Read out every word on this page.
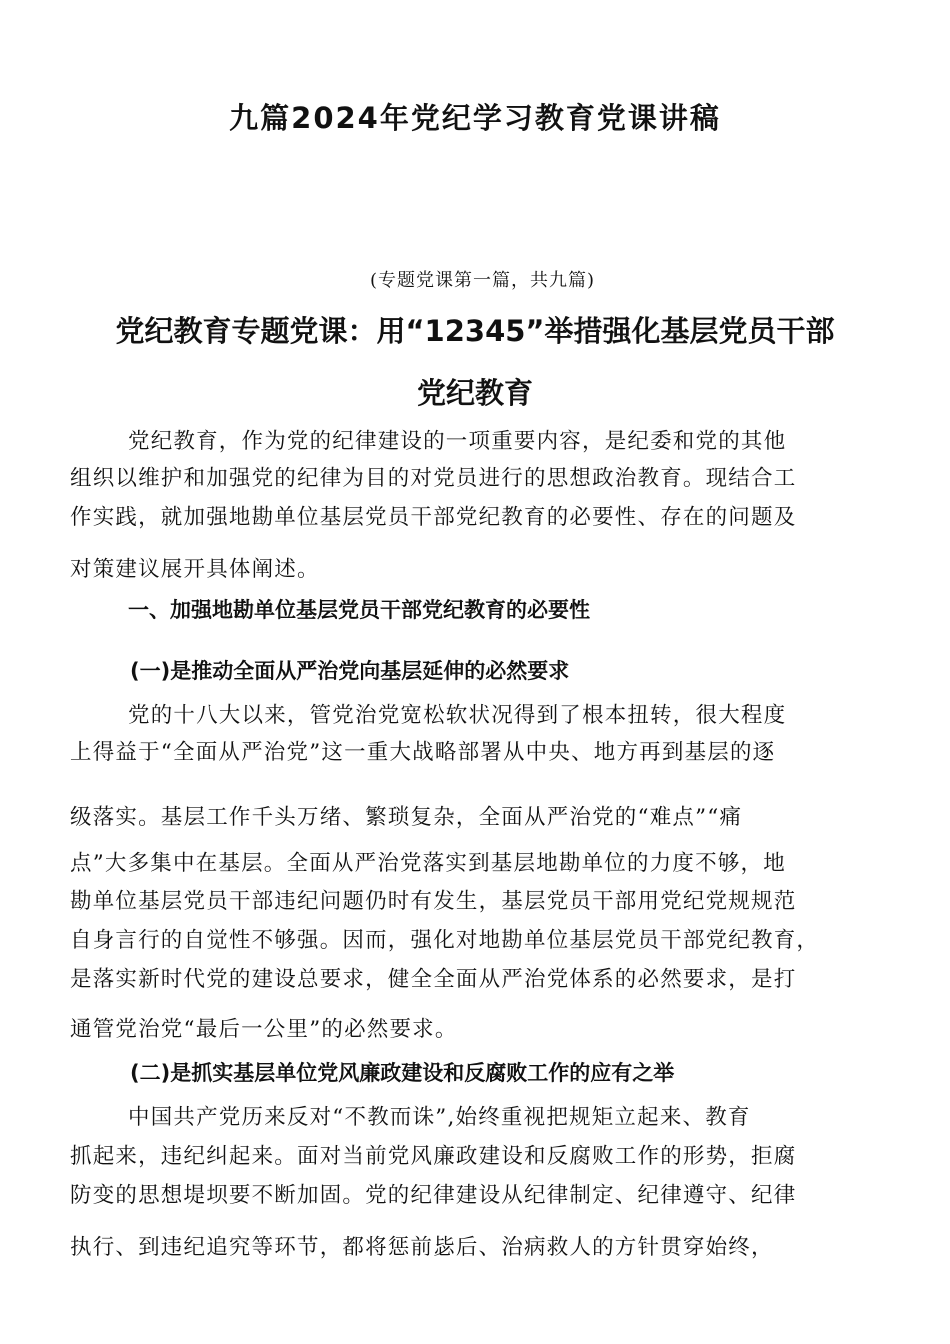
九篇2024年党纪学习教育党课讲稿

(专题党课第一篇，共九篇)

党纪教育专题党课：用“12345”举措强化基层党员干部
党纪教育

党纪教育，作为党的纪律建设的一项重要内容，是纪委和党的其他

组织以维护和加强党的纪律为目的对党员进行的思想政治教育。现结合工

作实践，就加强地勘单位基层党员干部党纪教育的必要性、存在的问题及

对策建议展开具体阐述。

一、加强地勘单位基层党员干部党纪教育的必要性
(一)是推动全面从严治党向基层延伸的必然要求

党的十八大以来，管党治党宽松软状况得到了根本扭转，很大程度

上得益于“全面从严治党”这一重大战略部署从中央、地方再到基层的逐

级落实。基层工作千头万绪、繁琐复杂，全面从严治党的“难点”“痛

点”大多集中在基层。全面从严治党落实到基层地勘单位的力度不够，地

勘单位基层党员干部违纪问题仍时有发生，基层党员干部用党纪党规规范

自身言行的自觉性不够强。因而，强化对地勘单位基层党员干部党纪教育，

是落实新时代党的建设总要求，健全全面从严治党体系的必然要求，是打

通管党治党“最后一公里”的必然要求。

(二)是抓实基层单位党风廉政建设和反腐败工作的应有之举

中国共产党历来反对“不教而诛”,始终重视把规矩立起来、教育

抓起来，违纪纠起来。面对当前党风廉政建设和反腐败工作的形势，拒腐

防变的思想堤坝要不断加固。党的纪律建设从纪律制定、纪律遵守、纪律

执行、到违纪追究等环节，都将惩前毖后、治病救人的方针贯穿始终，
